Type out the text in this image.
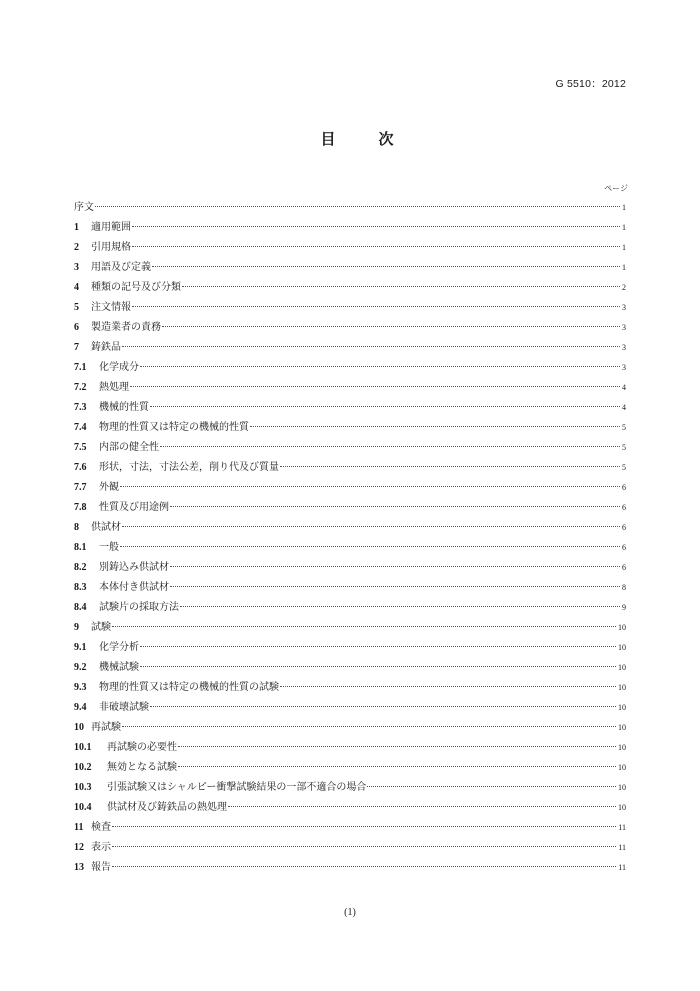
G 5510：2012
目　次
ページ
序文	1
1	適用範囲	1
2	引用規格	1
3	用語及び定義	1
4	種類の記号及び分類	2
5	注文情報	3
6	製造業者の責務	3
7	鋳鉄品	3
7.1	化学成分	3
7.2	熱処理	4
7.3	機械的性質	4
7.4	物理的性質又は特定の機械的性質	5
7.5	内部の健全性	5
7.6	形状，寸法，寸法公差，削り代及び質量	5
7.7	外観	6
7.8	性質及び用途例	6
8	供試材	6
8.1	一般	6
8.2	別鋳込み供試材	6
8.3	本体付き供試材	8
8.4	試験片の採取方法	9
9	試験	10
9.1	化学分析	10
9.2	機械試験	10
9.3	物理的性質又は特定の機械的性質の試験	10
9.4	非破壊試験	10
10 再試験	10
10.1	再試験の必要性	10
10.2	無効となる試験	10
10.3	引張試験又はシャルピー衝撃試験結果の一部不適合の場合	10
10.4	供試材及び鋳鉄品の熱処理	10
11 検査	11
12 表示	11
13 報告	11
(1)
